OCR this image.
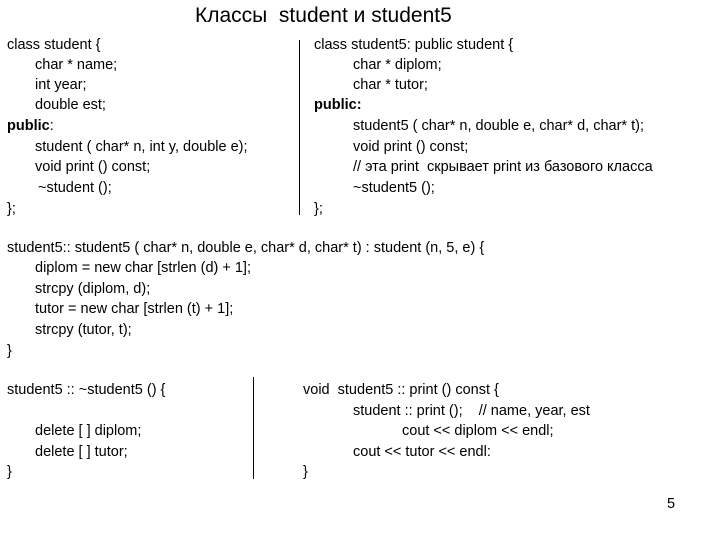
Классы  student и student5
class student {
char * name;
int year;
double est;
public:
student ( char* n, int y, double e);
void print () const;
~student ();
};
class student5: public student {
char * diplom;
char * tutor;
public:
student5 ( char* n, double e, char* d, char* t);
void print () const;
// эта print  скрывает print из базового класса
~student5 ();
};
student5:: student5 ( char* n, double e, char* d, char* t) : student (n, 5, e) {
diplom = new char [strlen (d) + 1];
strcpy (diplom, d);
tutor = new char [strlen (t) + 1];
strcpy (tutor, t);
}
student5 :: ~student5 () {
delete [ ] diplom;
delete [ ] tutor;
}
void  student5 :: print () const {
student :: print ();    // name, year, est
cout << diplom << endl;
cout << tutor << endl:
}
5
